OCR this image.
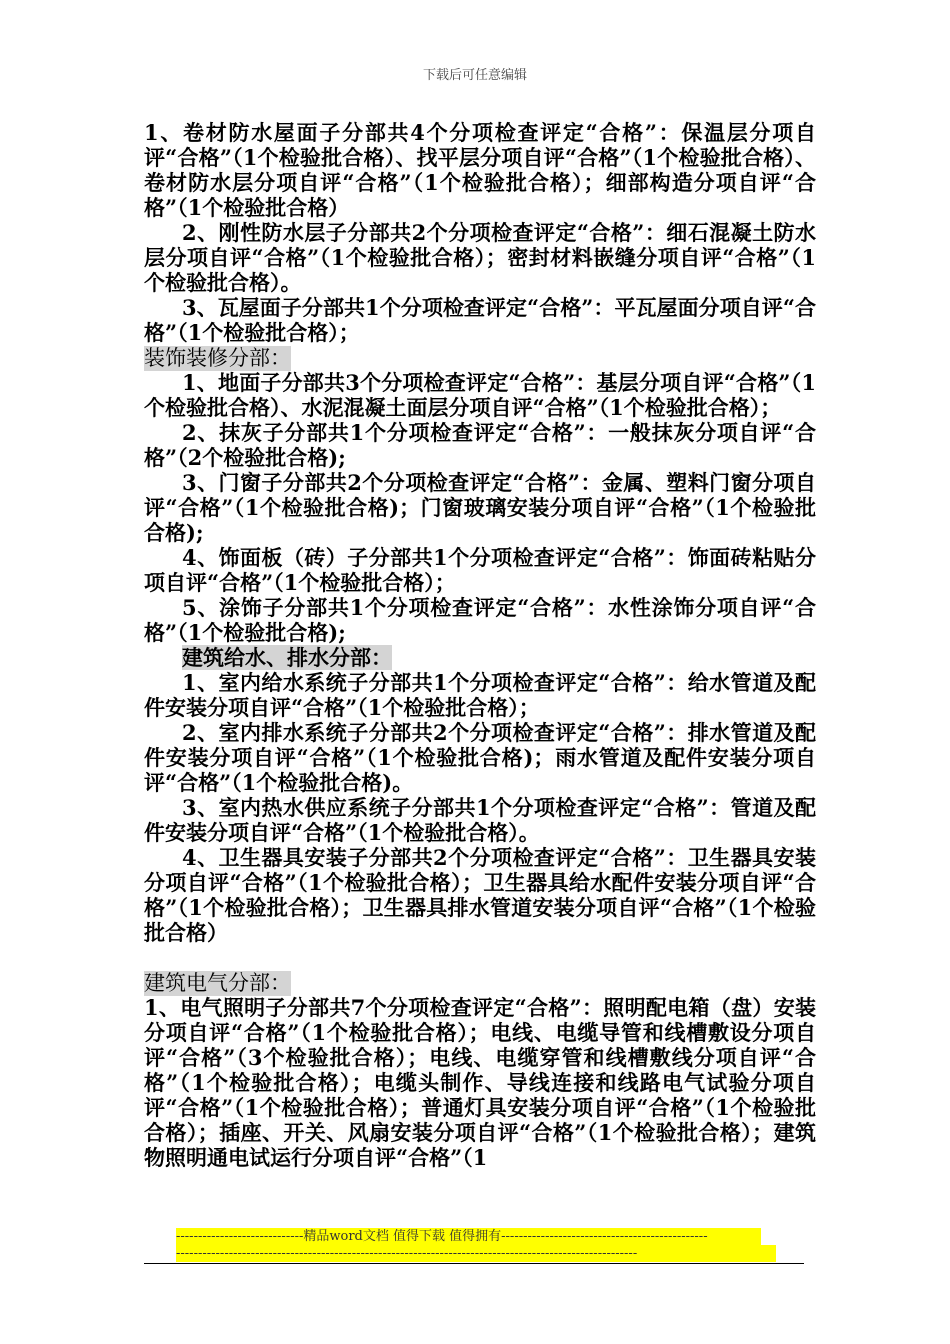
下载后可任意编辑

1、卷材防水屋面子分部共4个分项检查评定“合格”：保温层分项自评“合格”（1个检验批合格）、找平层分项自评“合格”（1个检验批合格）、卷材防水层分项自评“合格”（1个检验批合格）；细部构造分项自评“合格”（1个检验批合格）

2、刚性防水层子分部共2个分项检查评定“合格”：细石混凝土防水层分项自评“合格”（1个检验批合格）；密封材料嵌缝分项自评“合格”（1个检验批合格）。

3、瓦屋面子分部共1个分项检查评定“合格”：平瓦屋面分项自评“合格”（1个检验批合格）；

装饰装修分部：

1、地面子分部共3个分项检查评定“合格”：基层分项自评“合格”（1个检验批合格）、水泥混凝土面层分项自评“合格”（1个检验批合格）；

2、抹灰子分部共1个分项检查评定“合格”：一般抹灰分项自评“合格”（2个检验批合格);

3、门窗子分部共2个分项检查评定“合格”：金属、塑料门窗分项自评“合格”（1个检验批合格)；门窗玻璃安装分项自评“合格”（1个检验批合格);

4、饰面板（砖）子分部共1个分项检查评定“合格”：饰面砖粘贴分项自评“合格”（1个检验批合格）；

5、涂饰子分部共1个分项检查评定“合格”：水性涂饰分项自评“合格”（1个检验批合格);

建筑给水、排水分部：

1、室内给水系统子分部共1个分项检查评定“合格”：给水管道及配件安装分项自评“合格”（1个检验批合格）；

2、室内排水系统子分部共2个分项检查评定“合格”：排水管道及配件安装分项自评“合格”（1个检验批合格)；雨水管道及配件安装分项自评“合格”（1个检验批合格)。

3、室内热水供应系统子分部共1个分项检查评定“合格”：管道及配件安装分项自评“合格”（1个检验批合格）。

4、卫生器具安装子分部共2个分项检查评定“合格”：卫生器具安装分项自评“合格”（1个检验批合格）；卫生器具给水配件安装分项自评“合格”（1个检验批合格）；卫生器具排水管道安装分项自评“合格”（1个检验批合格）

建筑电气分部：

1、电气照明子分部共7个分项检查评定“合格”：照明配电箱（盘）安装分项自评“合格”（1个检验批合格）；电线、电缆导管和线槽敷设分项自评“合格”（3个检验批合格）；电线、电缆穿管和线槽敷线分项自评“合格”（1个检验批合格）；电缆头制作、导线连接和线路电气试验分项自评“合格”（1个检验批合格）；普通灯具安装分项自评“合格”（1个检验批合格）；插座、开关、风扇安装分项自评“合格”（1个检验批合格）；建筑物照明通电试运行分项自评“合格”（1

-----------------------------精品word文档 值得下载 值得拥有-----------------------------------------------
---------------------------------------------------------------------------------------------------------
